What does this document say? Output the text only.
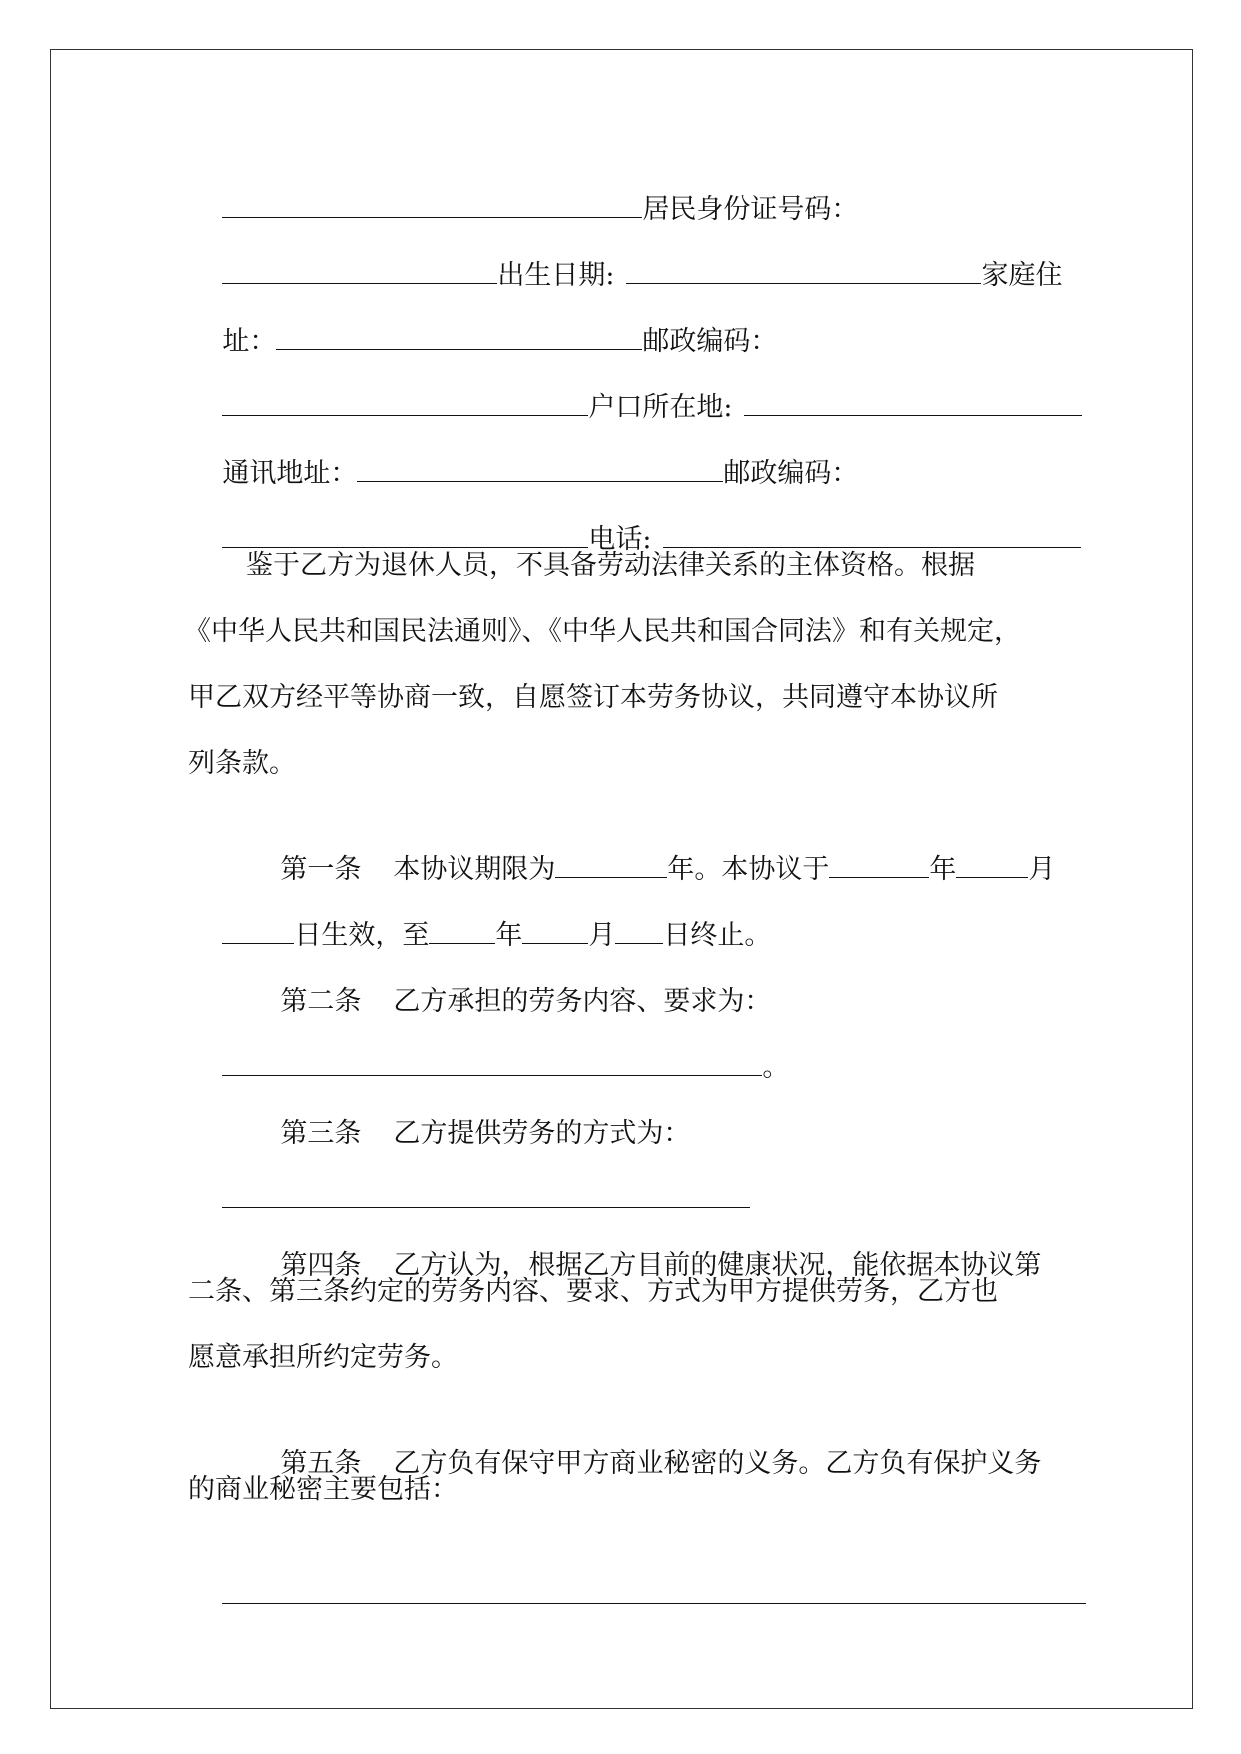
居民身份证号码：

出生日期:	家庭住

址：	邮政编码：

户口所在地:

通讯地址：	邮政编码：

电话:

鉴于乙方为退休人员，不具备劳动法律关系的主体资格。根据
《中华人民共和国民法通则》、《中华人民共和国合同法》和有关规定，
甲乙双方经平等协商一致，自愿签订本劳务协议，共同遵守本协议所
列条款。

第一条 本协议期限为	年。本协议于	年	月

日生效，至 年 月 日终止。

第二条 乙方承担的劳务内容、要求为：

。

第三条 乙方提供劳务的方式为：

第四条 乙方认为，根据乙方目前的健康状况，能依据本协议第

二条、第三条约定的劳务内容、要求、方式为甲方提供劳务，乙方也
愿意承担所约定劳务。

第五条 乙方负有保守甲方商业秘密的义务。乙方负有保护义务

的商业秘密主要包括：
